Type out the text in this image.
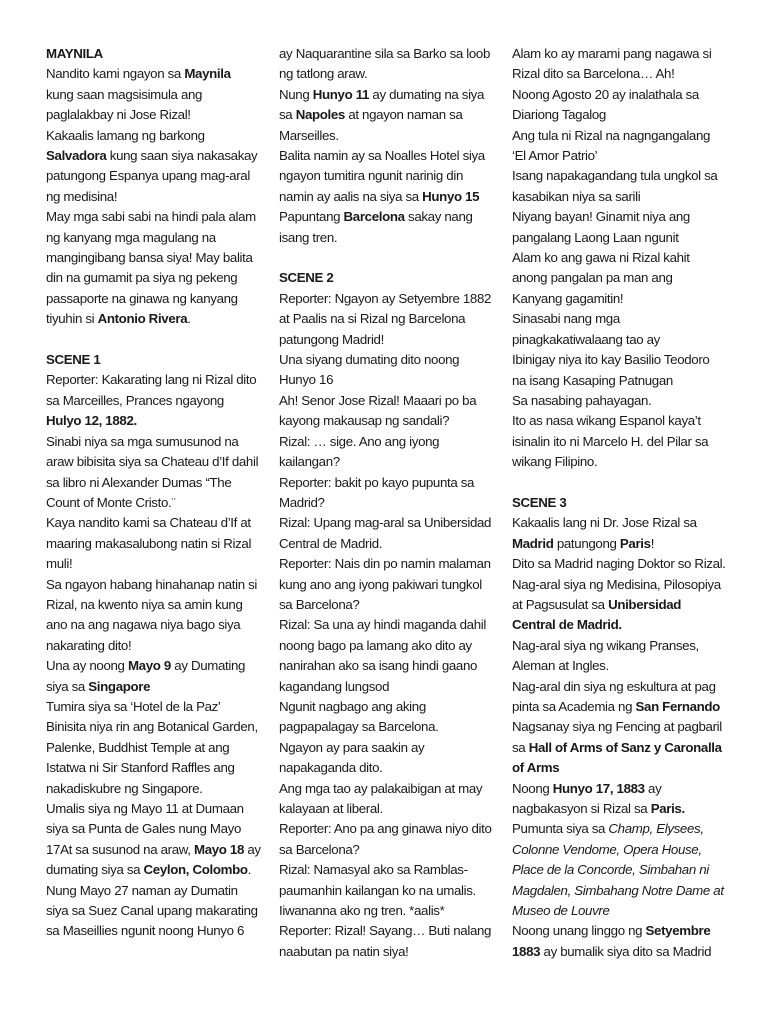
MAYNILA
Nandito kami ngayon sa Maynila
kung saan magsisimula ang
paglalakbay ni Jose Rizal!
Kakaalis lamang ng barkong
Salvadora kung saan siya nakasakay
patungong Espanya upang mag-aral
ng medisina!
May mga sabi sabi na hindi pala alam
ng kanyang mga magulang na
mangingibang bansa siya! May balita
din na gumamit pa siya ng pekeng
passaporte na ginawa ng kanyang
tiyuhin si Antonio Rivera.
SCENE 1
Reporter: Kakarating lang ni Rizal dito
sa Marceilles, Prances ngayong
Hulyo 12, 1882.
Sinabi niya sa mga sumusunod na
araw bibisita siya sa Chateau d’If dahil
sa libro ni Alexander Dumas “The
Count of Monte Cristo.¨
Kaya nandito kami sa Chateau d’If at
maaring makasalubong natin si Rizal
muli!
Sa ngayon habang hinahanap natin si
Rizal, na kwento niya sa amin kung
ano na ang nagawa niya bago siya
nakarating dito!
Una ay noong Mayo 9 ay Dumating
siya sa Singapore
Tumira siya sa ‘Hotel de la Paz’
Binisita niya rin ang Botanical Garden,
Palenke, Buddhist Temple at ang
Istatwa ni Sir Stanford Raffles ang
nakadiskubre ng Singapore.
Umalis siya ng Mayo 11 at Dumaan
siya sa Punta de Gales nung Mayo
17At sa susunod na araw, Mayo 18 ay
dumating siya sa Ceylon, Colombo.
Nung Mayo 27 naman ay Dumatin
siya sa Suez Canal upang makarating
sa Maseillies ngunit noong Hunyo 6
ay Naquarantine sila sa Barko sa loob
ng tatlong araw.
Nung Hunyo 11 ay dumating na siya
sa Napoles at ngayon naman sa
Marseilles.
Balita namin ay sa Noalles Hotel siya
ngayon tumitira ngunit narinig din
namin ay aalis na siya sa Hunyo 15
Papuntang Barcelona sakay nang
isang tren.
SCENE 2
Reporter: Ngayon ay Setyembre 1882
at Paalis na si Rizal ng Barcelona
patungong Madrid!
Una siyang dumating dito noong
Hunyo 16
Ah! Senor Jose Rizal! Maaari po ba
kayong makausap ng sandali?
Rizal: … sige. Ano ang iyong
kailangan?
Reporter: bakit po kayo pupunta sa
Madrid?
Rizal: Upang mag-aral sa Unibersidad
Central de Madrid.
Reporter: Nais din po namin malaman
kung ano ang iyong pakiwari tungkol
sa Barcelona?
Rizal: Sa una ay hindi maganda dahil
noong bago pa lamang ako dito ay
nanirahan ako sa isang hindi gaano
kagandang lungsod
Ngunit nagbago ang aking
pagpapalagay sa Barcelona.
Ngayon ay para saakin ay
napakaganda dito.
Ang mga tao ay palakaibigan at may
kalayaan at liberal.
Reporter: Ano pa ang ginawa niyo dito
sa Barcelona?
Rizal: Namasyal ako sa Ramblas-
paumanhin kailangan ko na umalis.
Iiwananna ako ng tren. *aalis*
Reporter: Rizal! Sayang… Buti nalang
naabutan pa natin siya!
Alam ko ay marami pang nagawa si
Rizal dito sa Barcelona… Ah!
Noong Agosto 20 ay inalathala sa
Diariong Tagalog
Ang tula ni Rizal na nagngangalang
‘El Amor Patrio’
Isang napakagandang tula ungkol sa
kasabikan niya sa sarili
Niyang bayan! Ginamit niya ang
pangalang Laong Laan ngunit
Alam ko ang gawa ni Rizal kahit
anong pangalan pa man ang
Kanyang gagamitin!
Sinasabi nang mga
pinagkakatiwalaang tao ay
Ibinigay niya ito kay Basilio Teodoro
na isang Kasaping Patnugan
Sa nasabing pahayagan.
Ito as nasa wikang Espanol kaya’t
isinalin ito ni Marcelo H. del Pilar sa
wikang Filipino.
SCENE 3
Kakaalis lang ni Dr. Jose Rizal sa
Madrid patungong Paris!
Dito sa Madrid naging Doktor so Rizal.
Nag-aral siya ng Medisina, Pilosopiya
at Pagsusulat sa Unibersidad
Central de Madrid.
Nag-aral siya ng wikang Pranses,
Aleman at Ingles.
Nag-aral din siya ng eskultura at pag
pinta sa Academia ng San Fernando
Nagsanay siya ng Fencing at pagbaril
sa Hall of Arms of Sanz y Caronalla
of Arms
Noong Hunyo 17, 1883 ay
nagbakasyon si Rizal sa Paris.
Pumunta siya sa Champ, Elysees,
Colonne Vendome, Opera House,
Place de la Concorde, Simbahan ni
Magdalen, Simbahang Notre Dame at
Museo de Louvre
Noong unang linggo ng Setyembre
1883 ay bumalik siya dito sa Madrid
